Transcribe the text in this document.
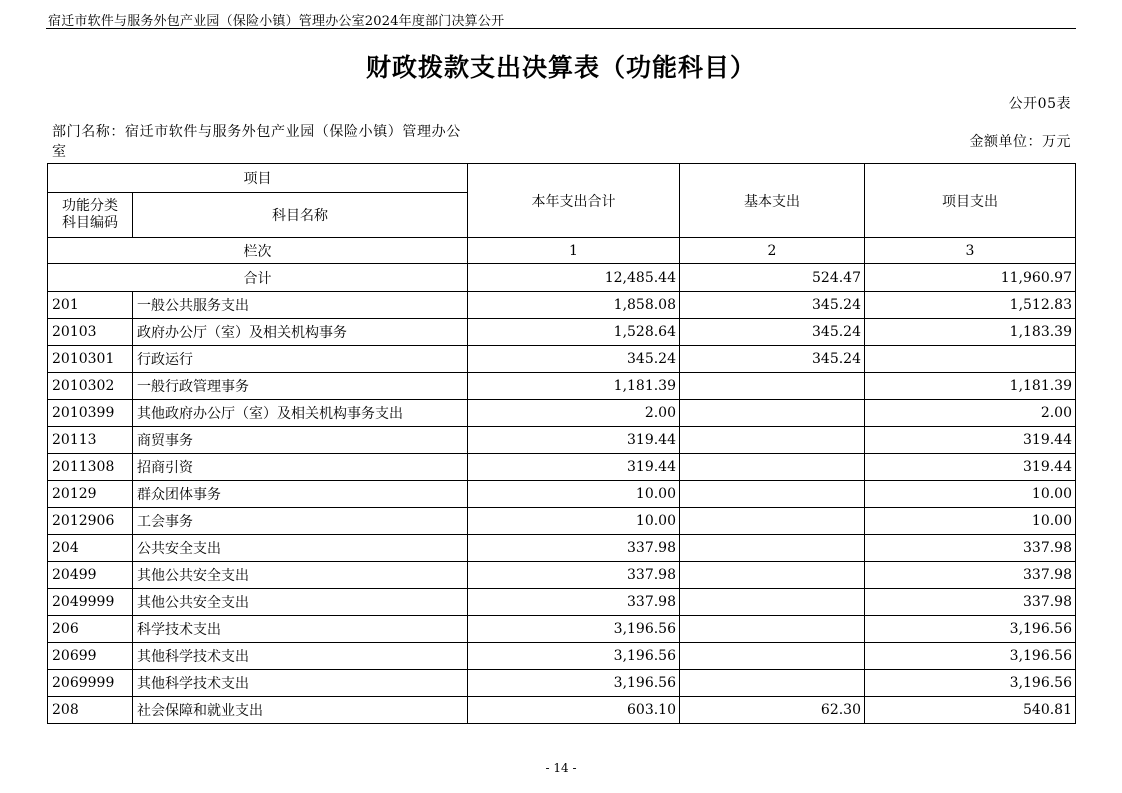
宿迁市软件与服务外包产业园（保险小镇）管理办公室2024年度部门决算公开
财政拨款支出决算表（功能科目）
公开05表
部门名称：宿迁市软件与服务外包产业园（保险小镇）管理办公
室
金额单位：万元
项目		本年支出合计	基本支出	项目支出

功能分类
科目编码	科目名称			
栏次		1	2	3
合计		12,485.44	524.47	11,960.97
201	一般公共服务支出	1,858.08	345.24	1,512.83
20103	政府办公厅（室）及相关机构事务	1,528.64	345.24	1,183.39
2010301	行政运行	345.24	345.24	
2010302	一般行政管理事务	1,181.39		1,181.39
2010399	其他政府办公厅（室）及相关机构事务支出	2.00		2.00
20113	商贸事务	319.44		319.44
2011308	招商引资	319.44		319.44
20129	群众团体事务	10.00		10.00
2012906	工会事务	10.00		10.00
204	公共安全支出	337.98		337.98
20499	其他公共安全支出	337.98		337.98
2049999	其他公共安全支出	337.98		337.98
206	科学技术支出	3,196.56		3,196.56
20699	其他科学技术支出	3,196.56		3,196.56
2069999	其他科学技术支出	3,196.56		3,196.56
208	社会保障和就业支出	603.10	62.30	540.81
- 14 -
